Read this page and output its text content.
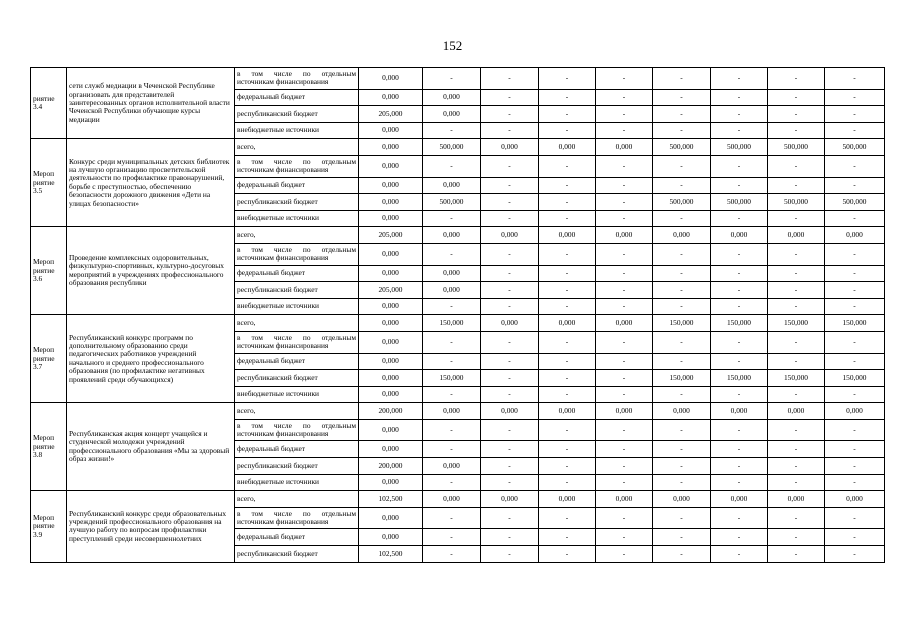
152
риятие 3.4	сети служб медиации в Чеченской Республике организовать для представителей заинтересованных органов исполнительной власти Чеченской Республики обучающие курсы медиации	в том числе по отдельным источникам финансирования	0,000	-	-	-	-	-	-	-	-
		федеральный бюджет	0,000	0,000	-	-	-	-	-	-	-
		республиканский бюджет	205,000	0,000	-	-	-	-	-	-	-
		внебюджетные источники	0,000	-	-	-	-	-	-	-	-
Мероп риятие 3.5	Конкурс среди муниципальных детских библиотек на лучшую организацию просветительской деятельности по профилактике правонарушений, борьбе с преступностью, обеспечению безопасности дорожного движения «Дети на улицах безопасности»	всего,	0,000	500,000	0,000	0,000	0,000	500,000	500,000	500,000	500,000
		в том числе по отдельным источникам финансирования	0,000	-	-	-	-	-	-	-	-
		федеральный бюджет	0,000	0,000	-	-	-	-	-	-	-
		республиканский бюджет	0,000	500,000	-	-	-	500,000	500,000	500,000	500,000
		внебюджетные источники	0,000	-	-	-	-	-	-	-	-
Мероп риятие 3.6	Проведение комплексных оздоровительных, физкультурно-спортивных, культурно-досуговых мероприятий в учреждениях профессионального образования республики	всего,	205,000	0,000	0,000	0,000	0,000	0,000	0,000	0,000	0,000
		в том числе по отдельным источникам финансирования	0,000	-	-	-	-	-	-	-	-
		федеральный бюджет	0,000	0,000	-	-	-	-	-	-	-
		республиканский бюджет	205,000	0,000	-	-	-	-	-	-	-
		внебюджетные источники	0,000	-	-	-	-	-	-	-	-
Мероп риятие 3.7	Республиканский конкурс программ по дополнительному образованию среди педагогических работников учреждений начального и среднего профессионального образования (по профилактике негативных проявлений среди обучающихся)	всего,	0,000	150,000	0,000	0,000	0,000	150,000	150,000	150,000	150,000
		в том числе по отдельным источникам финансирования	0,000	-	-	-	-	-	-	-	-
		федеральный бюджет	0,000	-	-	-	-	-	-	-	-
		республиканский бюджет	0,000	150,000	-	-	-	150,000	150,000	150,000	150,000
		внебюджетные источники	0,000	-	-	-	-	-	-	-	-
Мероп риятие 3.8	Республиканская акция концерт учащейся и студенческой молодежи учреждений профессионального образования «Мы за здоровый образ жизни!»	всего,	200,000	0,000	0,000	0,000	0,000	0,000	0,000	0,000	0,000
		в том числе по отдельным источникам финансирования	0,000	-	-	-	-	-	-	-	-
		федеральный бюджет	0,000	-	-	-	-	-	-	-	-
		республиканский бюджет	200,000	0,000	-	-	-	-	-	-	-
		внебюджетные источники	0,000	-	-	-	-	-	-	-	-
Мероп риятие 3.9	Республиканский конкурс среди образовательных учреждений профессионального образования на лучшую работу по вопросам профилактики преступлений среди несовершеннолетних	всего,	102,500	0,000	0,000	0,000	0,000	0,000	0,000	0,000	0,000
		в том числе по отдельным источникам финансирования	0,000	-	-	-	-	-	-	-	-
		федеральный бюджет	0,000	-	-	-	-	-	-	-	-
		республиканский бюджет	102,500	-	-	-	-	-	-	-	-
